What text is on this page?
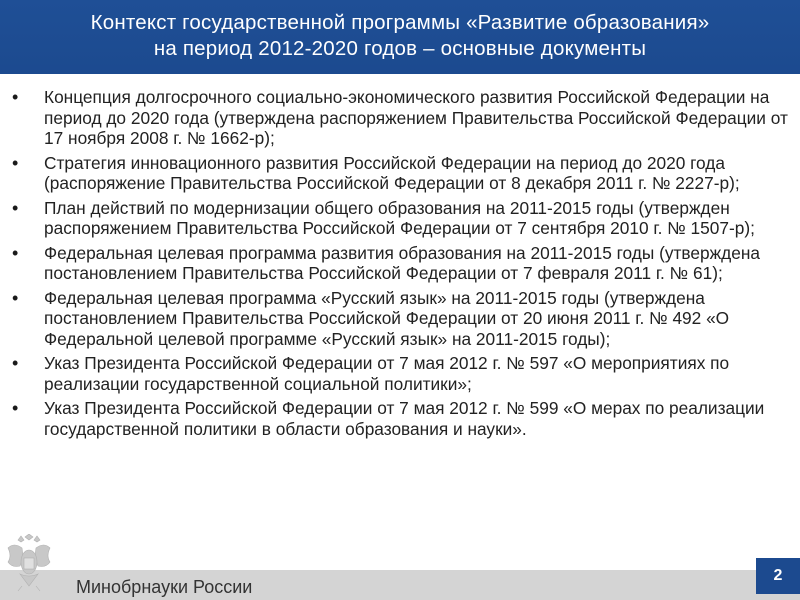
Контекст государственной программы «Развитие образования»
на период 2012-2020 годов – основные документы
•	Концепция долгосрочного социально-экономического развития Российской Федерации на период до 2020 года (утверждена распоряжением Правительства Российской Федерации от 17 ноября 2008 г. № 1662-р);
•	Стратегия инновационного развития Российской Федерации на период до 2020 года (распоряжение Правительства Российской Федерации от 8 декабря 2011 г. № 2227-р);
•	План действий по модернизации общего образования на 2011-2015 годы (утвержден распоряжением Правительства Российской Федерации от 7 сентября 2010 г. № 1507-р);
•	Федеральная целевая программа развития образования на 2011-2015 годы (утверждена постановлением Правительства Российской Федерации от 7 февраля 2011 г. № 61);
•	Федеральная целевая программа «Русский язык» на 2011-2015 годы (утверждена постановлением Правительства Российской Федерации от 20 июня 2011 г. № 492 «О Федеральной целевой программе «Русский язык» на 2011-2015 годы);
•	Указ Президента Российской Федерации от 7 мая 2012 г. № 597 «О мероприятиях по реализации государственной социальной политики»;
•	Указ Президента Российской Федерации от 7 мая 2012 г. № 599 «О мерах по реализации государственной политики в области образования и науки».
Минобрнауки России
2
